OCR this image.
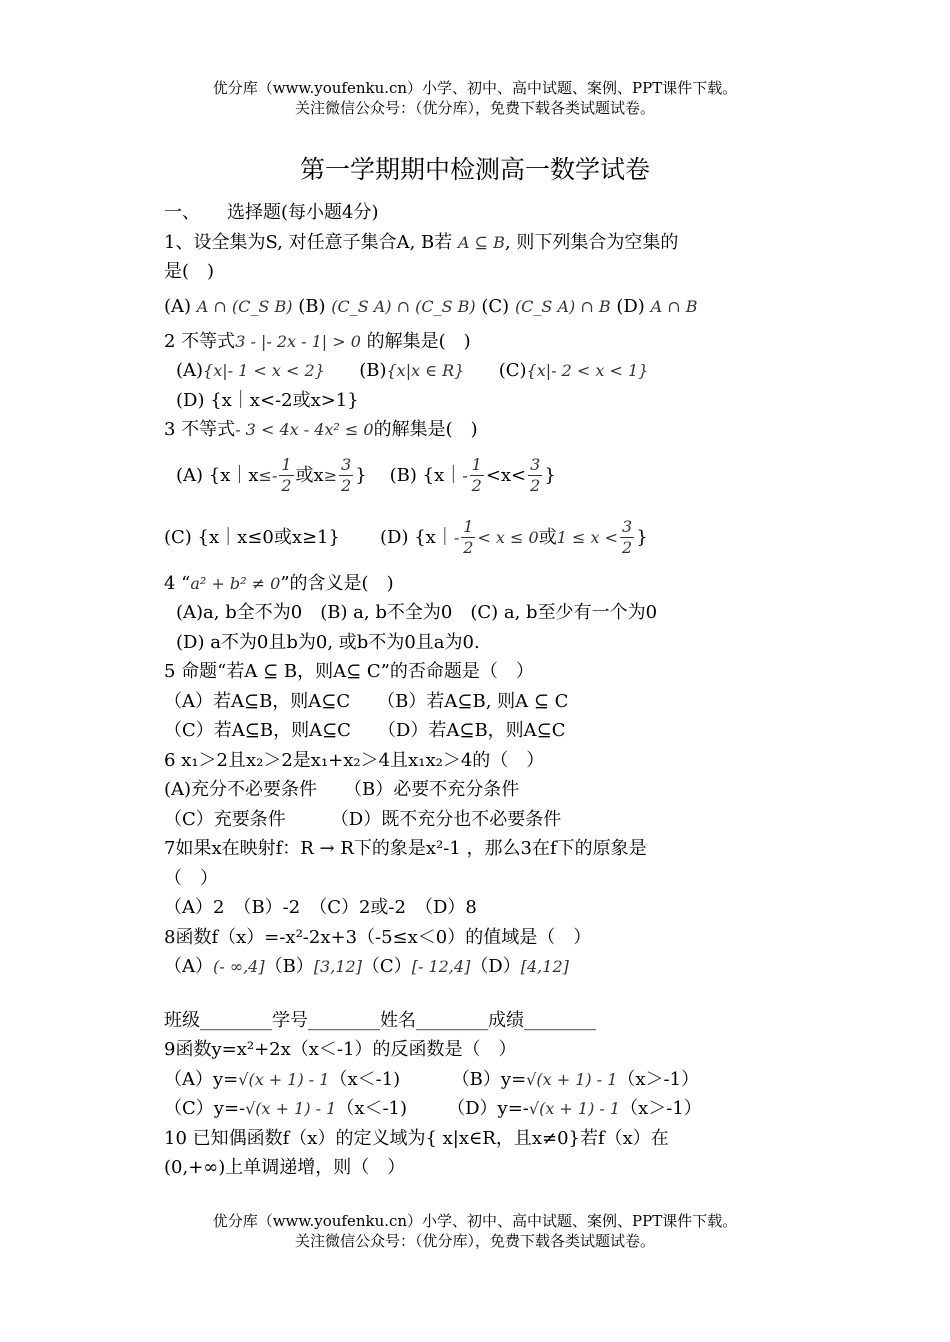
优分库（www.youfenku.cn）小学、初中、高中试题、案例、PPT课件下载。
关注微信公众号：（优分库），免费下载各类试题试卷。
第一学期期中检测高一数学试卷
一、　　选择题(每小题4分)
1、设全集为S, 对任意子集合A, B若 A ⊆ B, 则下列集合为空集的
是(　)
(A) A ∩ (C_S B) (B) (C_S A) ∩ (C_S B) (C) (C_S A) ∩ B (D) A ∩ B
2 不等式3 - |- 2x - 1| > 0 的解集是(　)
(A){x|- 1 < x < 2} (B){x|x ∈ R} (C){x|- 2 < x < 1}
(D) {x｜x<-2或x>1}
3 不等式- 3 < 4x - 4x² ≤ 0的解集是(　)
(A) {x｜x≤- $\frac{1}{2}$ 或$x\ge \frac{3}{2}$ } (B) {x｜- $\frac{1}{2} <x< \frac{3}{2}$ }
(C) {x｜x≤0或x≥1} (D) {x｜- $\frac{1}{2} < x \le 0$或$1 \le x < \frac{3}{2}$ }
4 “a² + b² ≠ 0”的含义是(　)
(A)a, b全不为0　(B) a, b不全为0　(C) a, b至少有一个为0
(D) a不为0且b为0, 或b不为0且a为0.
5 命题“若A ⊆ B，则A⊆ C”的否命题是（　）
（A）若A⊆B，则A⊆C　　（B）若A⊆B, 则A ⊆ C
（C）若A⊆B，则A⊆C　　（D）若A⊆B，则A⊆C
6 x₁＞2且x₂＞2是x₁+x₂＞4且x₁x₂＞4的（　）
(A)充分不必要条件　　（B）必要不充分条件
（C）充要条件　　　（D）既不充分也不必要条件
7如果x在映射f：R → R下的象是x²-1 ，那么3在f下的原象是
（　）
（A）2　（B）-2　（C）2或-2　（D）8
8函数f（x）=-x²-2x+3（-5≤x＜0）的值域是（　）
（A）(- ∞,4]（B）[3,12]（C）[- 12,4]（D）[4,12]
班级________学号________姓名________成绩________
9函数y=x²+2x（x＜-1）的反函数是（　）
（A）y=√(x + 1) - 1（x＜-1)	（B）y=√(x + 1) - 1（x＞-1）
（C）y=-√(x + 1) - 1（x＜-1) （D）y=-√(x + 1) - 1（x＞-1）
10 已知偶函数f（x）的定义域为{ x|x∈R，且x≠0}若f（x）在
(0,+∞)上单调递增，则（　）
优分库（www.youfenku.cn）小学、初中、高中试题、案例、PPT课件下载。
关注微信公众号：（优分库），免费下载各类试题试卷。
